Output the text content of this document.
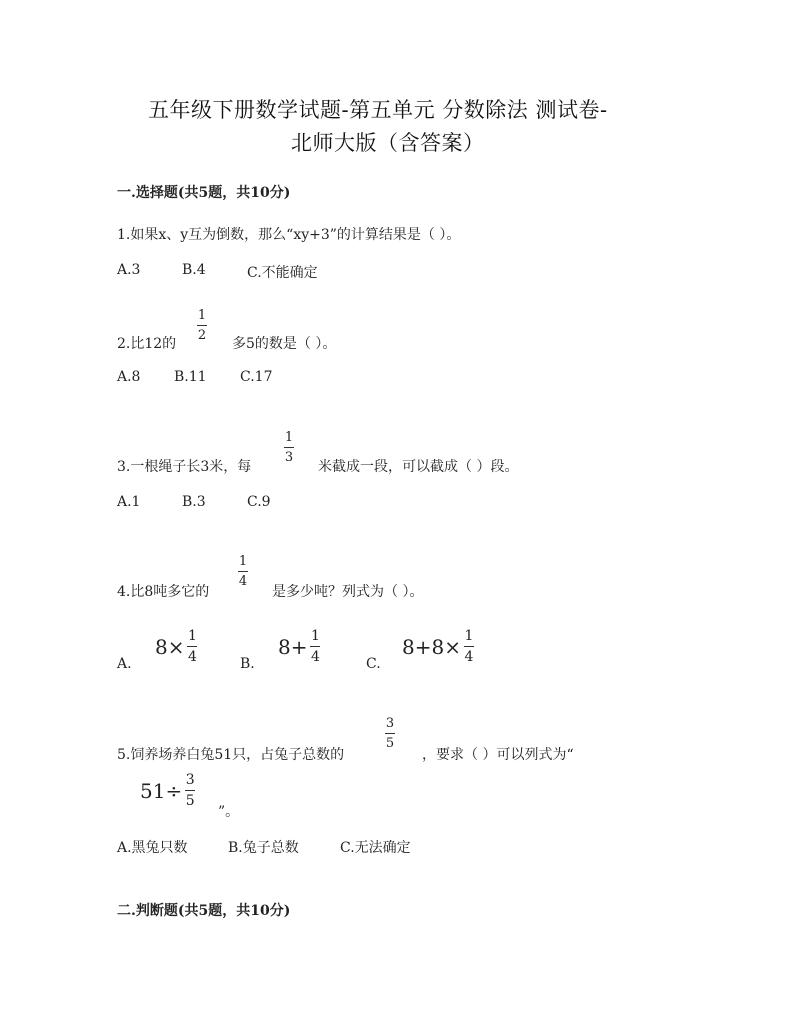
五年级下册数学试题-第五单元 分数除法 测试卷-
北师大版（含答案）
一.选择题(共5题，共10分)
1.如果x、y互为倒数，那么“xy+3”的计算结果是（ ）。
A.3	B.4	C.不能确定
2.比12的
1
2
多5的数是（ ）。
A.8 B.11 C.17
3.一根绳子长3米，每
1
3
米截成一段，可以截成（ ）段。
A.1	B.3	C.9
4.比8吨多它的
1
4
是多少吨？列式为（ ）。
A.
$8\times \frac{1}{4}$	B.
$8+ \frac{1}{4}$	C.
$8+8\times \frac{1}{4}$
5.饲养场养白兔51只，占兔子总数的
3
5
，要求（ ）可以列式为“
$51\div \frac{3}{5}$
”。
A.黑兔只数	B.兔子总数	C.无法确定
二.判断题(共5题，共10分)
